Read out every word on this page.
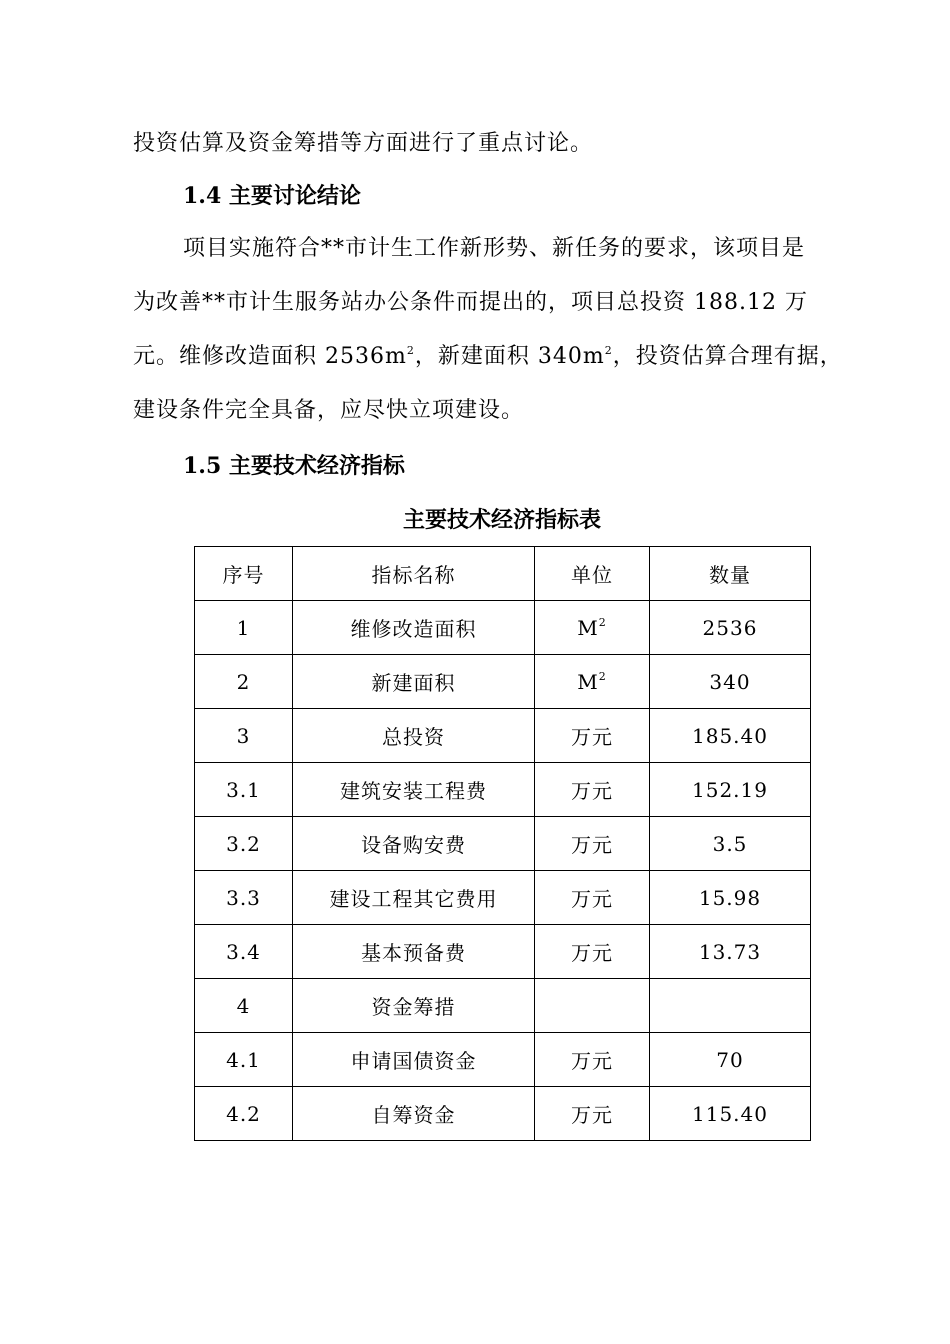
投资估算及资金筹措等方面进行了重点讨论。
1.4 主要讨论结论
项目实施符合**市计生工作新形势、新任务的要求，该项目是
为改善**市计生服务站办公条件而提出的，项目总投资 188.12 万
元。维修改造面积 $2536m^2$，新建面积 $340m^2$，投资估算合理有据，
建设条件完全具备，应尽快立项建设。
1.5 主要技术经济指标
主要技术经济指标表
序号	指标名称	单位	数量
1	维修改造面积	$M^2$	2536
2	新建面积	$M^2$	340
3	总投资	万元	185.40
3.1	建筑安装工程费	万元	152.19
3.2	设备购安费	万元	3.5
3.3	建设工程其它费用	万元	15.98
3.4	基本预备费	万元	13.73
4	资金筹措		
4.1	申请国债资金	万元	70
4.2	自筹资金	万元	115.40
